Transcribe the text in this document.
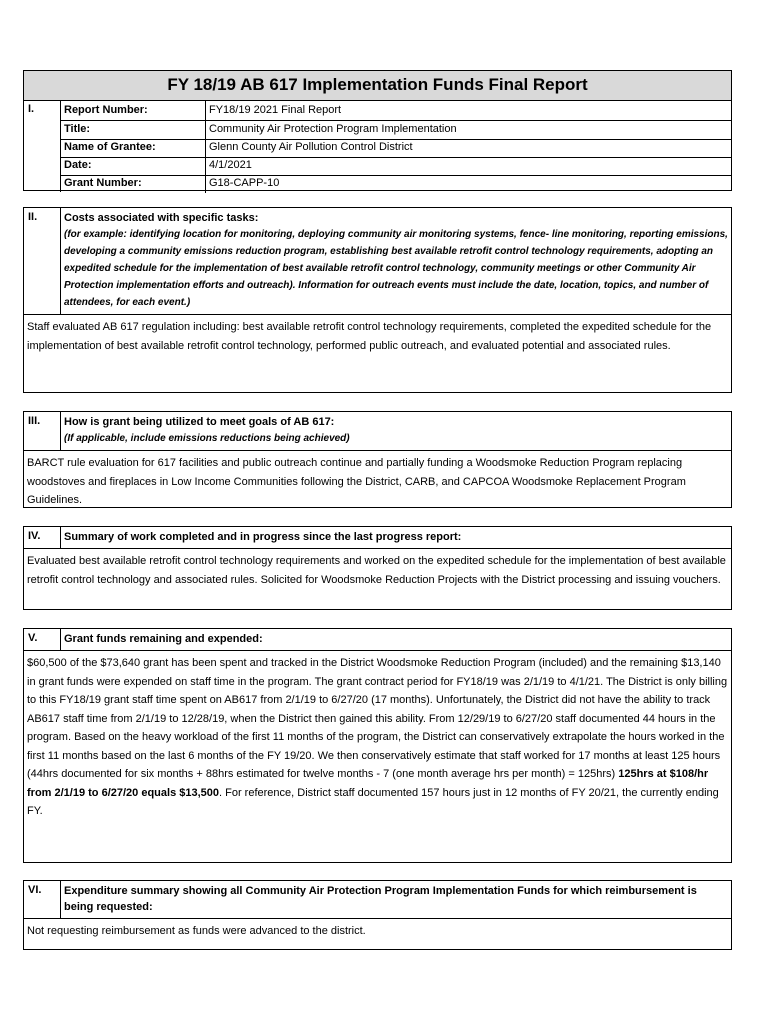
FY 18/19 AB 617 Implementation Funds Final Report
I.	Report Number:	FY18/19 2021 Final Report
Title:	Community Air Protection Program Implementation
Name of Grantee:	Glenn County Air Pollution Control District
Date:	4/1/2021
Grant Number:	G18-CAPP-10
II.	Costs associated with specific tasks:
(for example: identifying location for monitoring, deploying community air monitoring systems, fence- line monitoring, reporting emissions, developing a community emissions reduction program, establishing best available retrofit control technology requirements, adopting an expedited schedule for the implementation of best available retrofit control technology, community meetings or other Community Air Protection implementation efforts and outreach). Information for outreach events must include the date, location, topics, and number of attendees, for each event.)
Staff evaluated AB 617 regulation including: best available retrofit control technology requirements, completed the expedited schedule for the implementation of best available retrofit control technology, performed public outreach, and evaluated potential and associated rules.
III.	How is grant being utilized to meet goals of AB 617:
(If applicable, include emissions reductions being achieved)
BARCT rule evaluation for 617 facilities and public outreach continue and partially funding a Woodsmoke Reduction Program replacing woodstoves and fireplaces in Low Income Communities following the District, CARB, and CAPCOA Woodsmoke Replacement Program Guidelines.
IV.	Summary of work completed and in progress since the last progress report:
Evaluated best available retrofit control technology requirements and worked on the expedited schedule for the implementation of best available retrofit control technology and associated rules. Solicited for Woodsmoke Reduction Projects with the District processing and issuing vouchers.
V.	Grant funds remaining and expended:
$60,500 of the $73,640 grant has been spent and tracked in the District Woodsmoke Reduction Program (included) and the remaining $13,140 in grant funds were expended on staff time in the program. The grant contract period for FY18/19 was 2/1/19 to 4/1/21. The District is only billing to this FY18/19 grant staff time spent on AB617 from 2/1/19 to 6/27/20 (17 months). Unfortunately, the District did not have the ability to track AB617 staff time from 2/1/19 to 12/28/19, when the District then gained this ability. From 12/29/19 to 6/27/20 staff documented 44 hours in the program. Based on the heavy workload of the first 11 months of the program, the District can conservatively extrapolate the hours worked in the first 11 months based on the last 6 months of the FY 19/20. We then conservatively estimate that staff worked for 17 months at least 125 hours (44hrs documented for six months + 88hrs estimated for twelve months - 7 (one month average hrs per month) = 125hrs) 125hrs at $108/hr from 2/1/19 to 6/27/20 equals $13,500. For reference, District staff documented 157 hours just in 12 months of FY 20/21, the currently ending FY.
VI.	Expenditure summary showing all Community Air Protection Program Implementation Funds for which reimbursement is being requested:
Not requesting reimbursement as funds were advanced to the district.
